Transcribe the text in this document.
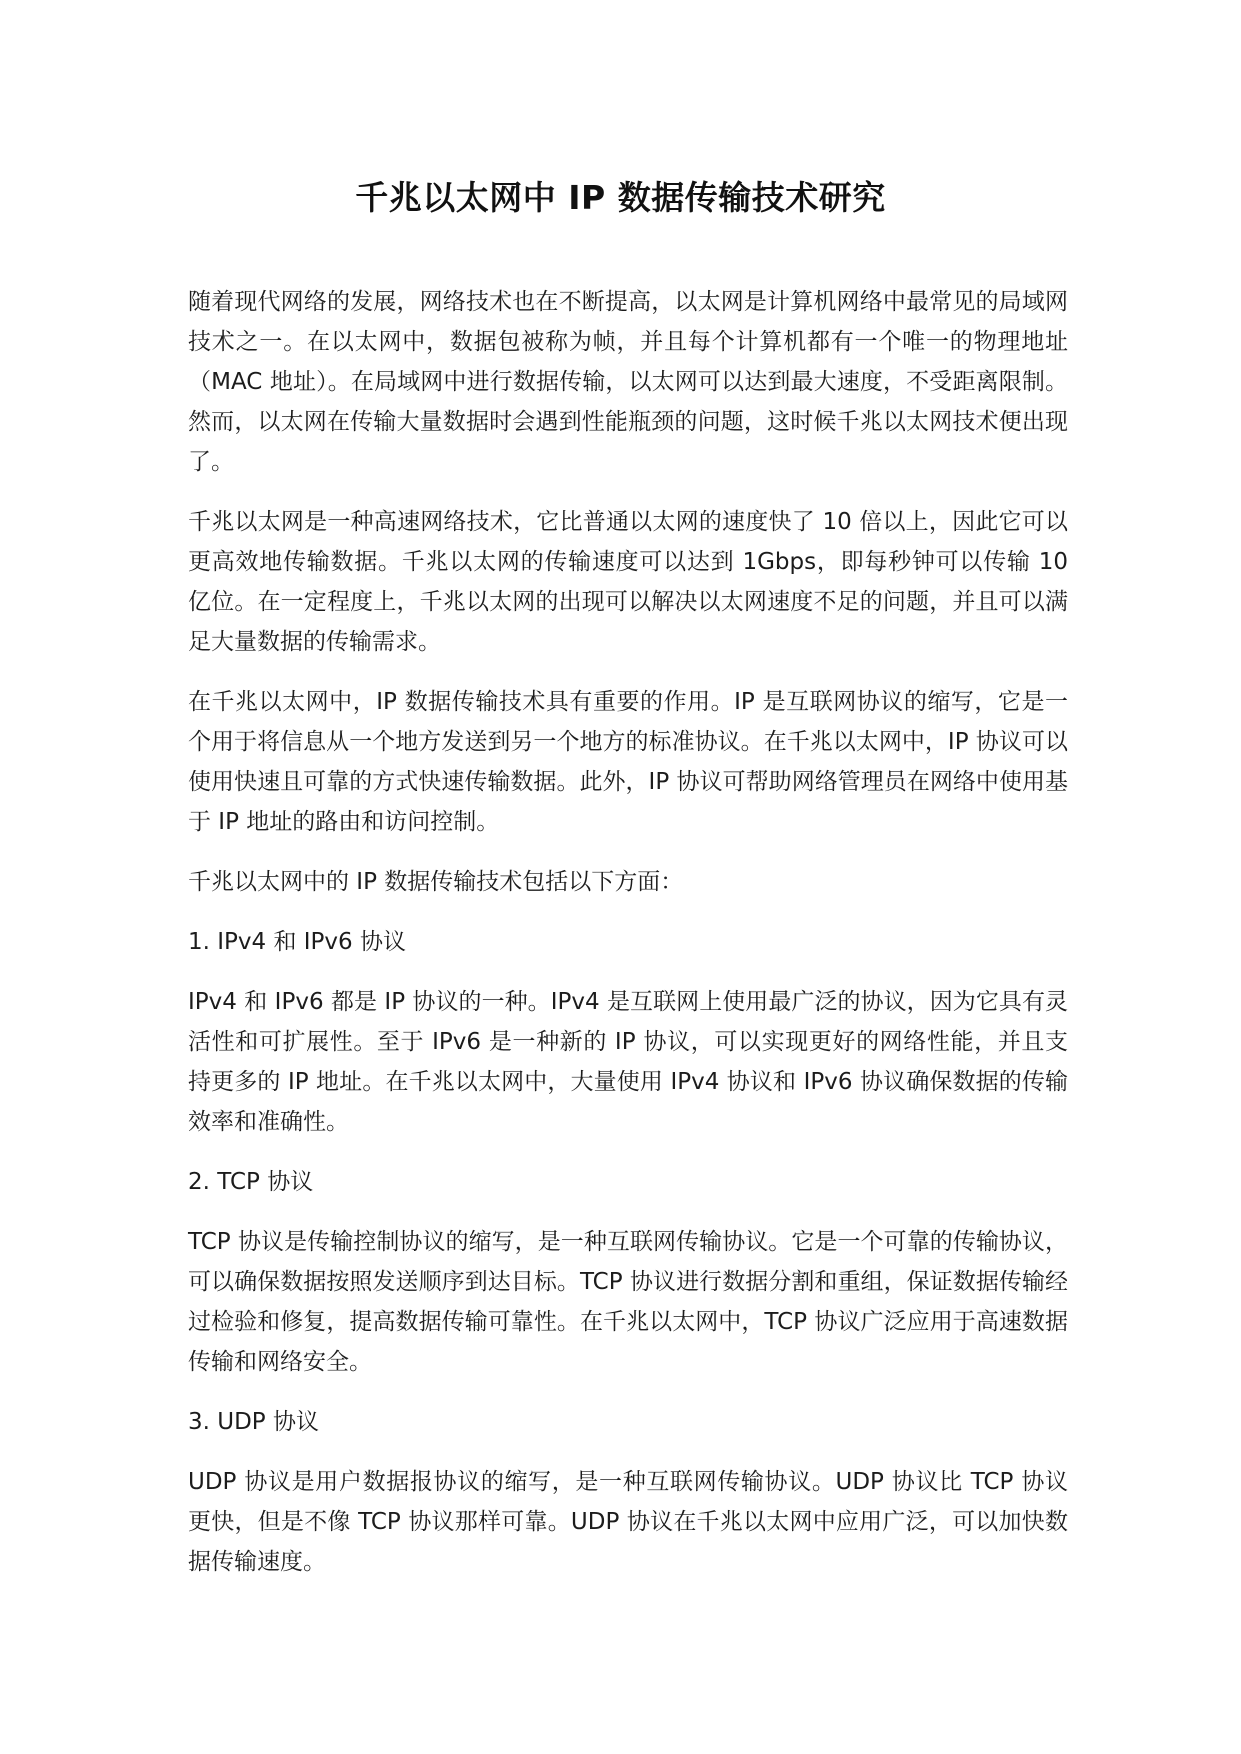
千兆以太网中 IP 数据传输技术研究

随着现代网络的发展，网络技术也在不断提高，以太网是计算机网络中最常见的局域网技术之一。在以太网中，数据包被称为帧，并且每个计算机都有一个唯一的物理地址（MAC 地址）。在局域网中进行数据传输，以太网可以达到最大速度，不受距离限制。然而，以太网在传输大量数据时会遇到性能瓶颈的问题，这时候千兆以太网技术便出现了。

千兆以太网是一种高速网络技术，它比普通以太网的速度快了 10 倍以上，因此它可以更高效地传输数据。千兆以太网的传输速度可以达到 1Gbps，即每秒钟可以传输 10 亿位。在一定程度上，千兆以太网的出现可以解决以太网速度不足的问题，并且可以满足大量数据的传输需求。

在千兆以太网中，IP 数据传输技术具有重要的作用。IP 是互联网协议的缩写，它是一个用于将信息从一个地方发送到另一个地方的标准协议。在千兆以太网中，IP 协议可以使用快速且可靠的方式快速传输数据。此外，IP 协议可帮助网络管理员在网络中使用基于 IP 地址的路由和访问控制。

千兆以太网中的 IP 数据传输技术包括以下方面：

1. IPv4 和 IPv6 协议

IPv4 和 IPv6 都是 IP 协议的一种。IPv4 是互联网上使用最广泛的协议，因为它具有灵活性和可扩展性。至于 IPv6 是一种新的 IP 协议，可以实现更好的网络性能，并且支持更多的 IP 地址。在千兆以太网中，大量使用 IPv4 协议和 IPv6 协议确保数据的传输效率和准确性。

2. TCP 协议

TCP 协议是传输控制协议的缩写，是一种互联网传输协议。它是一个可靠的传输协议，可以确保数据按照发送顺序到达目标。TCP 协议进行数据分割和重组，保证数据传输经过检验和修复，提高数据传输可靠性。在千兆以太网中，TCP 协议广泛应用于高速数据传输和网络安全。

3. UDP 协议

UDP 协议是用户数据报协议的缩写，是一种互联网传输协议。UDP 协议比 TCP 协议更快，但是不像 TCP 协议那样可靠。UDP 协议在千兆以太网中应用广泛，可以加快数据传输速度。
